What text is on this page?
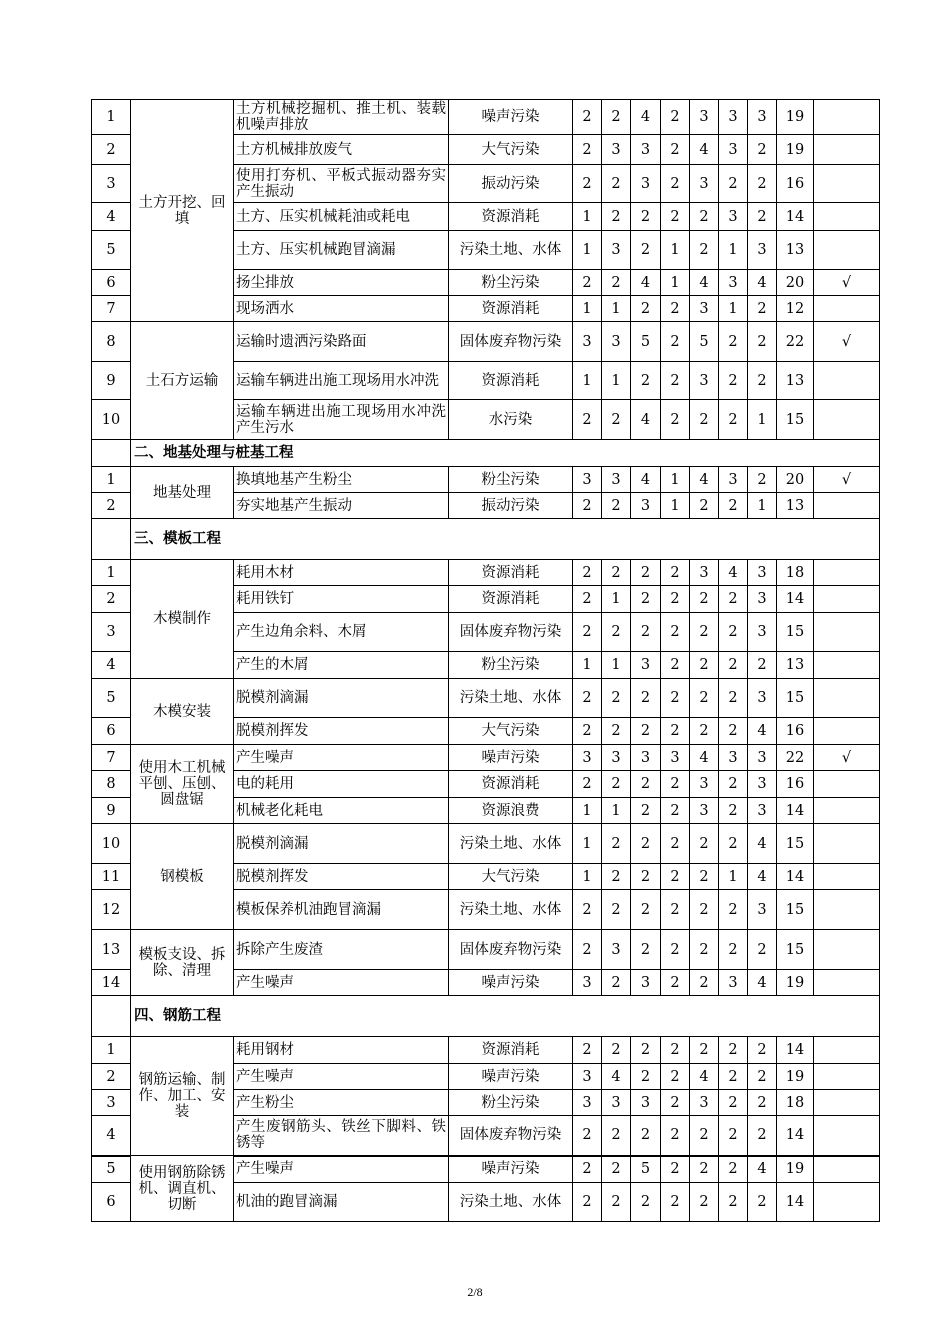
1	土方开挖、回填	土方机械挖掘机、推土机、装载机噪声排放	噪声污染	2	2	4	2	3	3	3	19	
2		土方机械排放废气	大气污染	2	3	3	2	4	3	2	19	
3		使用打夯机、平板式振动器夯实产生振动	振动污染	2	2	3	2	3	2	2	16	
4		土方、压实机械耗油或耗电	资源消耗	1	2	2	2	2	3	2	14	
5		土方、压实机械跑冒滴漏	污染土地、水体	1	3	2	1	2	1	3	13	
6		扬尘排放	粉尘污染	2	2	4	1	4	3	4	20	√
7		现场洒水	资源消耗	1	1	2	2	3	1	2	12	
8	土石方运输	运输时遗洒污染路面	固体废弃物污染	3	3	5	2	5	2	2	22	√
9		运输车辆进出施工现场用水冲洗	资源消耗	1	1	2	2	3	2	2	13	
10		运输车辆进出施工现场用水冲洗产生污水	水污染	2	2	4	2	2	2	1	15	
	二、地基处理与桩基工程											
1	地基处理	换填地基产生粉尘	粉尘污染	3	3	4	1	4	3	2	20	√
2		夯实地基产生振动	振动污染	2	2	3	1	2	2	1	13	
	三、模板工程											
1	木模制作	耗用木材	资源消耗	2	2	2	2	3	4	3	18	
2		耗用铁钉	资源消耗	2	1	2	2	2	2	3	14	
3		产生边角余料、木屑	固体废弃物污染	2	2	2	2	2	2	3	15	
4		产生的木屑	粉尘污染	1	1	3	2	2	2	2	13	
5	木模安装	脱模剂滴漏	污染土地、水体	2	2	2	2	2	2	3	15	
6		脱模剂挥发	大气污染	2	2	2	2	2	2	4	16	
7	使用木工机械平刨、压刨、圆盘锯	产生噪声	噪声污染	3	3	3	3	4	3	3	22	√
8		电的耗用	资源消耗	2	2	2	2	3	2	3	16	
9		机械老化耗电	资源浪费	1	1	2	2	3	2	3	14	
10	钢模板	脱模剂滴漏	污染土地、水体	1	2	2	2	2	2	4	15	
11		脱模剂挥发	大气污染	1	2	2	2	2	1	4	14	
12		模板保养机油跑冒滴漏	污染土地、水体	2	2	2	2	2	2	3	15	
13	模板支设、拆除、清理	拆除产生废渣	固体废弃物污染	2	3	2	2	2	2	2	15	
14		产生噪声	噪声污染	3	2	3	2	2	3	4	19	
	四、钢筋工程											
1	钢筋运输、制作、加工、安装	耗用钢材	资源消耗	2	2	2	2	2	2	2	14	
2		产生噪声	噪声污染	3	4	2	2	4	2	2	19	
3		产生粉尘	粉尘污染	3	3	3	2	3	2	2	18	
4		产生废钢筋头、铁丝下脚料、铁锈等	固体废弃物污染	2	2	2	2	2	2	2	14	
5	使用钢筋除锈机、调直机、切断	产生噪声	噪声污染	2	2	5	2	2	2	4	19	
6		机油的跑冒滴漏	污染土地、水体	2	2	2	2	2	2	2	14	
2/8
